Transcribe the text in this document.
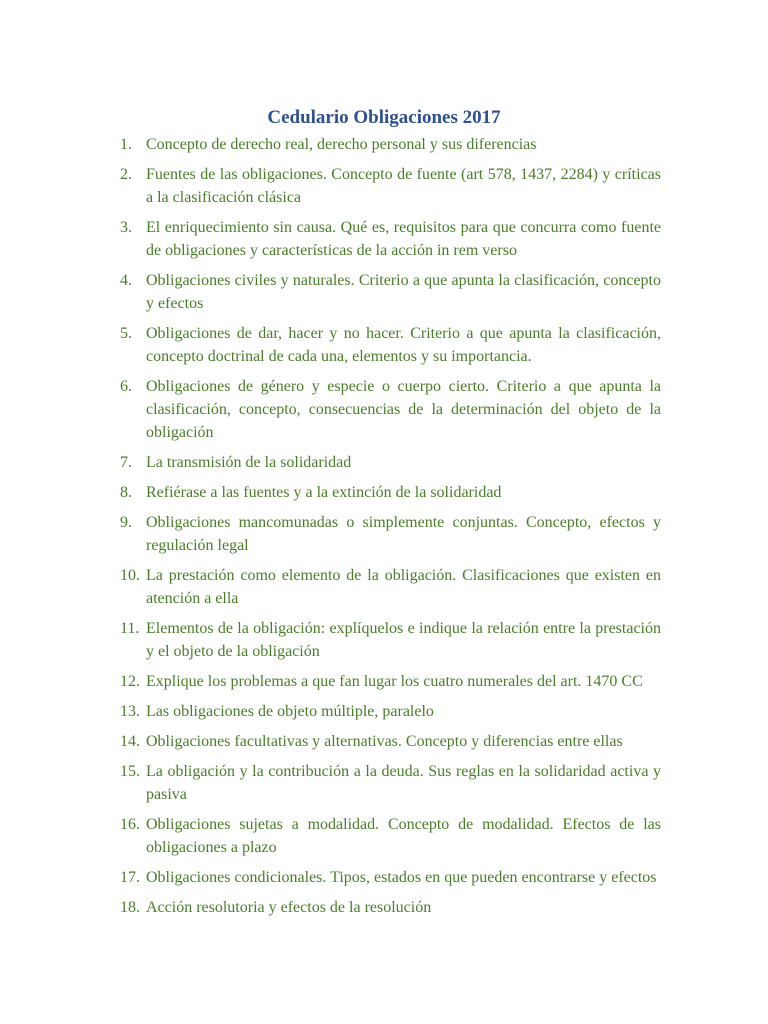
Cedulario Obligaciones 2017
1. Concepto de derecho real, derecho personal y sus diferencias
2. Fuentes de las obligaciones. Concepto de fuente (art 578, 1437, 2284) y críticas a la clasificación clásica
3. El enriquecimiento sin causa. Qué es, requisitos para que concurra como fuente de obligaciones y características de la acción in rem verso
4. Obligaciones civiles y naturales. Criterio a que apunta la clasificación, concepto y efectos
5. Obligaciones de dar, hacer y no hacer. Criterio a que apunta la clasificación, concepto doctrinal de cada una, elementos y su importancia.
6. Obligaciones de género y especie o cuerpo cierto. Criterio a que apunta la clasificación, concepto, consecuencias de la determinación del objeto de la obligación
7. La transmisión de la solidaridad
8. Refiérase a las fuentes y a la extinción de la solidaridad
9. Obligaciones mancomunadas o simplemente conjuntas. Concepto, efectos y regulación legal
10. La prestación como elemento de la obligación. Clasificaciones que existen en atención a ella
11. Elementos de la obligación: explíquelos e indique la relación entre la prestación y el objeto de la obligación
12. Explique los problemas a que fan lugar los cuatro numerales del art. 1470 CC
13. Las obligaciones de objeto múltiple, paralelo
14. Obligaciones facultativas y alternativas. Concepto y diferencias entre ellas
15. La obligación y la contribución a la deuda. Sus reglas en la solidaridad activa y pasiva
16. Obligaciones sujetas a modalidad. Concepto de modalidad. Efectos de las obligaciones a plazo
17. Obligaciones condicionales. Tipos, estados en que pueden encontrarse y efectos
18. Acción resolutoria y efectos de la resolución
